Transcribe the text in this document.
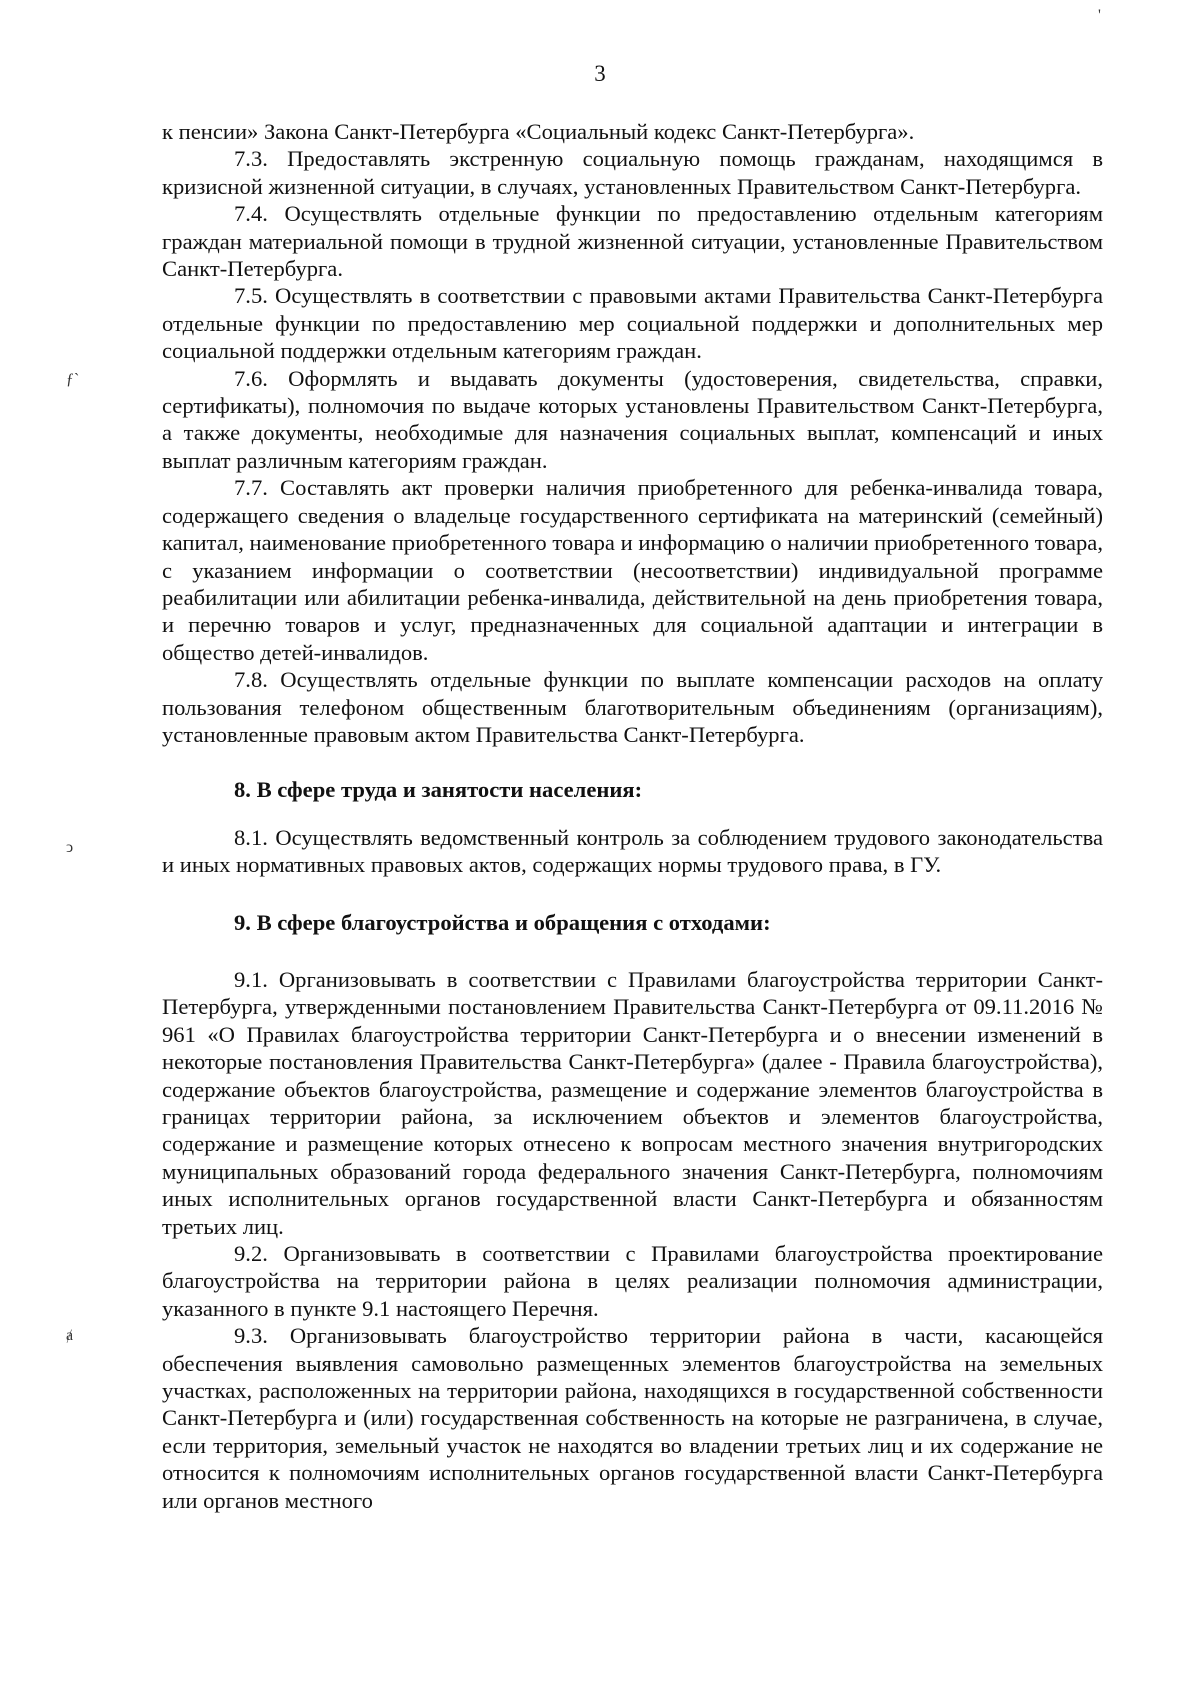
3
'
ƒ`
ↄ
ⱥ

к пенсии» Закона Санкт-Петербурга «Социальный кодекс Санкт-Петербурга».

7.3. Предоставлять экстренную социальную помощь гражданам, находящимся в кризисной жизненной ситуации, в случаях, установленных Правительством Санкт-Петербурга.

7.4. Осуществлять отдельные функции по предоставлению отдельным категориям граждан материальной помощи в трудной жизненной ситуации, установленные Правительством Санкт-Петербурга.

7.5. Осуществлять в соответствии с правовыми актами Правительства Санкт-Петербурга отдельные функции по предоставлению мер социальной поддержки и дополнительных мер социальной поддержки отдельным категориям граждан.

7.6. Оформлять и выдавать документы (удостоверения, свидетельства, справки, сертификаты), полномочия по выдаче которых установлены Правительством Санкт-Петербурга, а также документы, необходимые для назначения социальных выплат, компенсаций и иных выплат различным категориям граждан.

7.7. Составлять акт проверки наличия приобретенного для ребенка-инвалида товара, содержащего сведения о владельце государственного сертификата на материнский (семейный) капитал, наименование приобретенного товара и информацию о наличии приобретенного товара, с указанием информации о соответствии (несоответствии) индивидуальной программе реабилитации или абилитации ребенка-инвалида, действительной на день приобретения товара, и перечню товаров и услуг, предназначенных для социальной адаптации и интеграции в общество детей-инвалидов.

7.8. Осуществлять отдельные функции по выплате компенсации расходов на оплату пользования телефоном общественным благотворительным объединениям (организациям), установленные правовым актом Правительства Санкт-Петербурга.

8. В сфере труда и занятости населения:

8.1. Осуществлять ведомственный контроль за соблюдением трудового законодательства и иных нормативных правовых актов, содержащих нормы трудового права, в ГУ.

9. В сфере благоустройства и обращения с отходами:

9.1. Организовывать в соответствии с Правилами благоустройства территории Санкт-Петербурга, утвержденными постановлением Правительства Санкт-Петербурга от 09.11.2016 № 961 «О Правилах благоустройства территории Санкт-Петербурга и о внесении изменений в некоторые постановления Правительства Санкт-Петербурга» (далее - Правила благоустройства), содержание объектов благоустройства, размещение и содержание элементов благоустройства в границах территории района, за исключением объектов и элементов благоустройства, содержание и размещение которых отнесено к вопросам местного значения внутригородских муниципальных образований города федерального значения Санкт-Петербурга, полномочиям иных исполнительных органов государственной власти Санкт-Петербурга и обязанностям третьих лиц.

9.2. Организовывать в соответствии с Правилами благоустройства проектирование благоустройства на территории района в целях реализации полномочия администрации, указанного в пункте 9.1 настоящего Перечня.

9.3. Организовывать благоустройство территории района в части, касающейся обеспечения выявления самовольно размещенных элементов благоустройства на земельных участках, расположенных на территории района, находящихся в государственной собственности Санкт-Петербурга и (или) государственная собственность на которые не разграничена, в случае, если территория, земельный участок не находятся во владении третьих лиц и их содержание не относится к полномочиям исполнительных органов государственной власти Санкт-Петербурга или органов местного
